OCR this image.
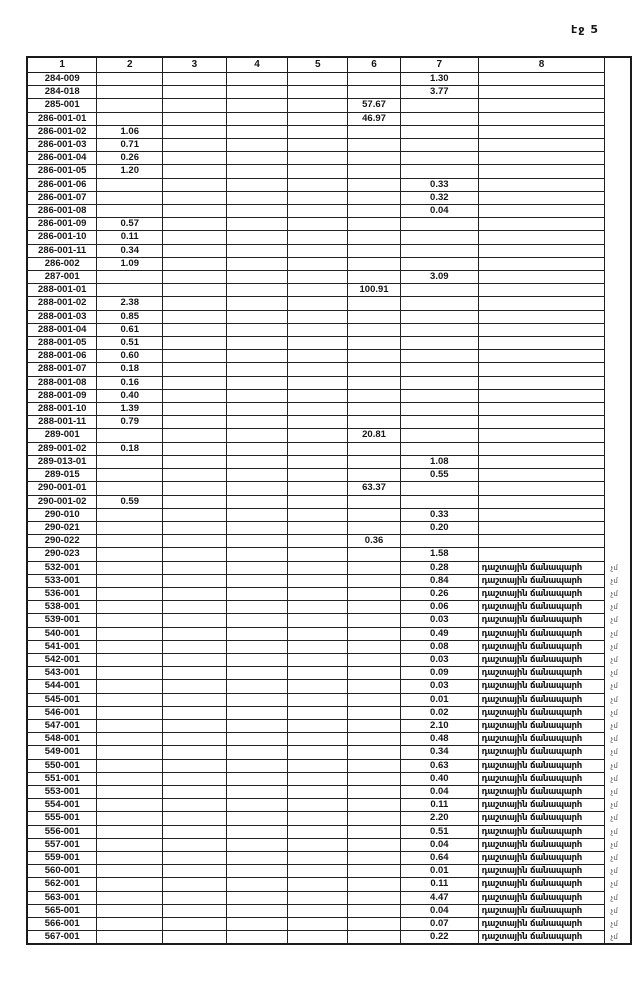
էջ 5
1	2	3	4	5	6	7	8	
284-009						1.30		
284-018						3.77		
285-001					57.67			
286-001-01					46.97			
286-001-02	1.06							
286-001-03	0.71							
286-001-04	0.26							
286-001-05	1.20							
286-001-06						0.33		
286-001-07						0.32		
286-001-08						0.04		
286-001-09	0.57							
286-001-10	0.11							
286-001-11	0.34							
286-002	1.09							
287-001						3.09		
288-001-01					100.91			
288-001-02	2.38							
288-001-03	0.85							
288-001-04	0.61							
288-001-05	0.51							
288-001-06	0.60							
288-001-07	0.18							
288-001-08	0.16							
288-001-09	0.40							
288-001-10	1.39							
288-001-11	0.79							
289-001					20.81			
289-001-02	0.18							
289-013-01						1.08		
289-015						0.55		
290-001-01					63.37			
290-001-02	0.59							
290-010						0.33		
290-021						0.20		
290-022					0.36			
290-023						1.58		
532-001						0.28	դաշտային ճանապարհ	չմ
533-001						0.84	դաշտային ճանապարհ	չմ
536-001						0.26	դաշտային ճանապարհ	չմ
538-001						0.06	դաշտային ճանապարհ	չմ
539-001						0.03	դաշտային ճանապարհ	չմ
540-001						0.49	դաշտային ճանապարհ	չմ
541-001						0.08	դաշտային ճանապարհ	չմ
542-001						0.03	դաշտային ճանապարհ	չմ
543-001						0.09	դաշտային ճանապարհ	չմ
544-001						0.03	դաշտային ճանապարհ	չմ
545-001						0.01	դաշտային ճանապարհ	չմ
546-001						0.02	դաշտային ճանապարհ	չմ
547-001						2.10	դաշտային ճանապարհ	չմ
548-001						0.48	դաշտային ճանապարհ	չմ
549-001						0.34	դաշտային ճանապարհ	չմ
550-001						0.63	դաշտային ճանապարհ	չմ
551-001						0.40	դաշտային ճանապարհ	չմ
553-001						0.04	դաշտային ճանապարհ	չմ
554-001						0.11	դաշտային ճանապարհ	չմ
555-001						2.20	դաշտային ճանապարհ	չմ
556-001						0.51	դաշտային ճանապարհ	չմ
557-001						0.04	դաշտային ճանապարհ	չմ
559-001						0.64	դաշտային ճանապարհ	չմ
560-001						0.01	դաշտային ճանապարհ	չմ
562-001						0.11	դաշտային ճանապարհ	չմ
563-001						4.47	դաշտային ճանապարհ	չմ
565-001						0.04	դաշտային ճանապարհ	չմ
566-001						0.07	դաշտային ճանապարհ	չմ
567-001						0.22	դաշտային ճանապարհ	չմ
